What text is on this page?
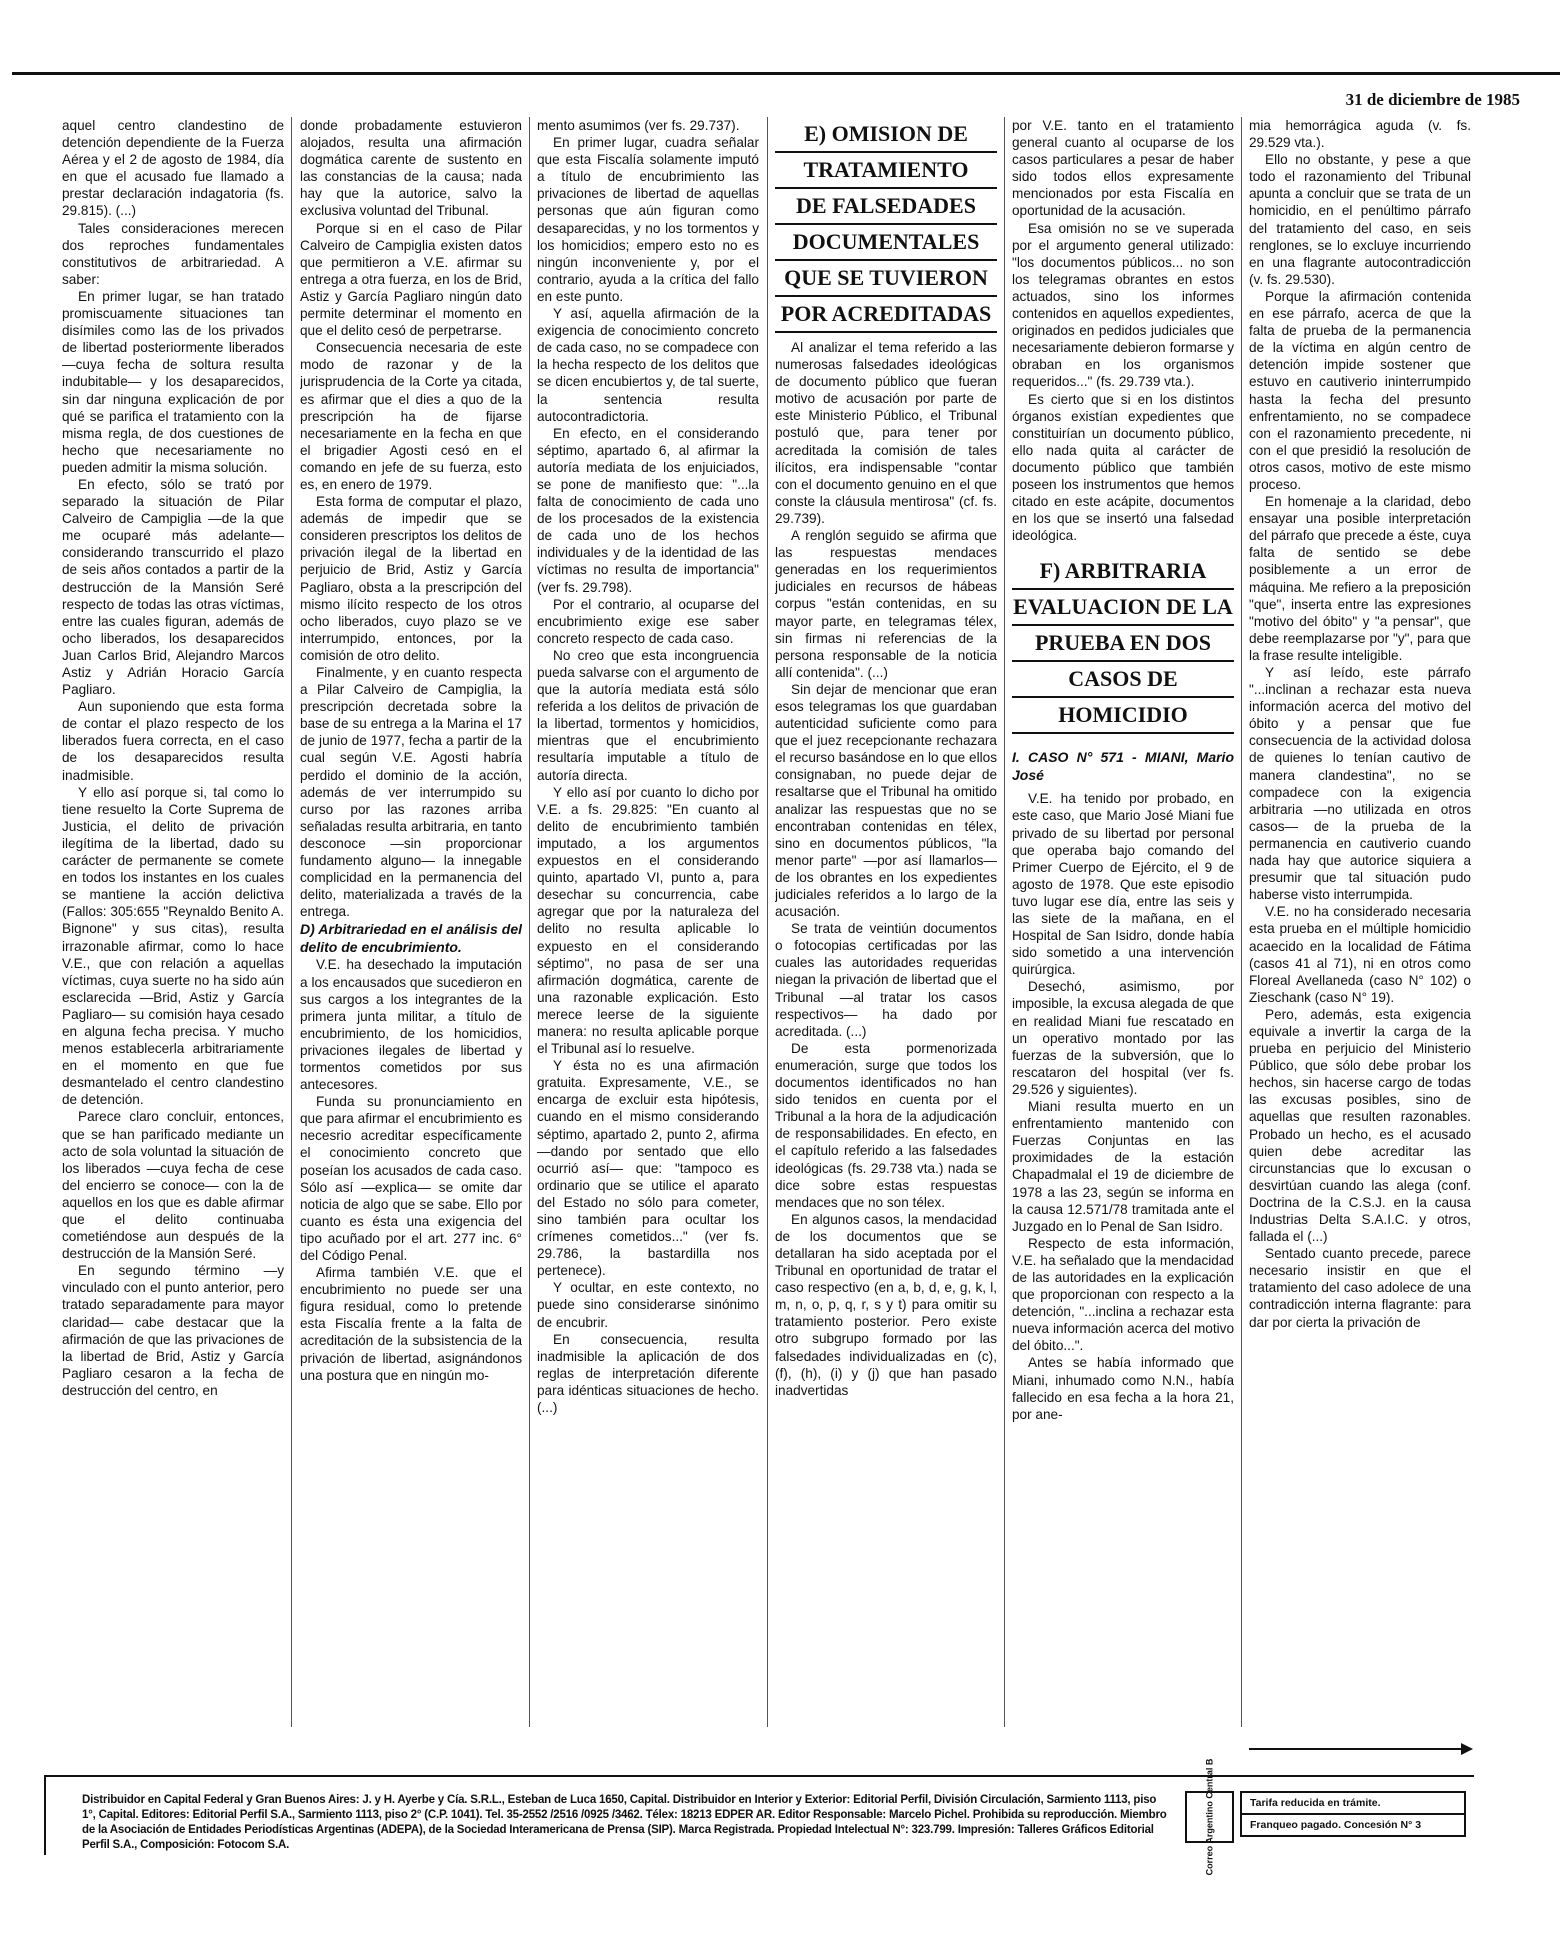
31 de diciembre de 1985

aquel centro clandestino de detención dependiente de la Fuerza Aérea y el 2 de agosto de 1984, día en que el acusado fue llamado a prestar declaración indagatoria (fs. 29.815). (...)

Tales consideraciones merecen dos reproches fundamentales constitutivos de arbitrariedad. A saber:

En primer lugar, se han tratado promiscuamente situaciones tan disímiles como las de los privados de libertad posteriormente liberados —cuya fecha de soltura resulta indubitable— y los desaparecidos, sin dar ninguna explicación de por qué se parifica el tratamiento con la misma regla, de dos cuestiones de hecho que necesariamente no pueden admitir la misma solución.

En efecto, sólo se trató por separado la situación de Pilar Calveiro de Campiglia —de la que me ocuparé más adelante— considerando transcurrido el plazo de seis años contados a partir de la destrucción de la Mansión Seré respecto de todas las otras víctimas, entre las cuales figuran, además de ocho liberados, los desaparecidos Juan Carlos Brid, Alejandro Marcos Astiz y Adrián Horacio García Pagliaro.

Aun suponiendo que esta forma de contar el plazo respecto de los liberados fuera correcta, en el caso de los desaparecidos resulta inadmisible.

Y ello así porque si, tal como lo tiene resuelto la Corte Suprema de Justicia, el delito de privación ilegítima de la libertad, dado su carácter de permanente se comete en todos los instantes en los cuales se mantiene la acción delictiva (Fallos: 305:655 "Reynaldo Benito A. Bignone" y sus citas), resulta irrazonable afirmar, como lo hace V.E., que con relación a aquellas víctimas, cuya suerte no ha sido aún esclarecida —Brid, Astiz y García Pagliaro— su comisión haya cesado en alguna fecha precisa. Y mucho menos establecerla arbitrariamente en el momento en que fue desmantelado el centro clandestino de detención.

Parece claro concluir, entonces, que se han parificado mediante un acto de sola voluntad la situación de los liberados —cuya fecha de cese del encierro se conoce— con la de aquellos en los que es dable afirmar que el delito continuaba cometiéndose aun después de la destrucción de la Mansión Seré.

En segundo término —y vinculado con el punto anterior, pero tratado separadamente para mayor claridad— cabe destacar que la afirmación de que las privaciones de la libertad de Brid, Astiz y García Pagliaro cesaron a la fecha de destrucción del centro, en

donde probadamente estuvieron alojados, resulta una afirmación dogmática carente de sustento en las constancias de la causa; nada hay que la autorice, salvo la exclusiva voluntad del Tribunal.

Porque si en el caso de Pilar Calveiro de Campiglia existen datos que permitieron a V.E. afirmar su entrega a otra fuerza, en los de Brid, Astiz y García Pagliaro ningún dato permite determinar el momento en que el delito cesó de perpetrarse.

Consecuencia necesaria de este modo de razonar y de la jurisprudencia de la Corte ya citada, es afirmar que el dies a quo de la prescripción ha de fijarse necesariamente en la fecha en que el brigadier Agosti cesó en el comando en jefe de su fuerza, esto es, en enero de 1979.

Esta forma de computar el plazo, además de impedir que se consideren prescriptos los delitos de privación ilegal de la libertad en perjuicio de Brid, Astiz y García Pagliaro, obsta a la prescripción del mismo ilícito respecto de los otros ocho liberados, cuyo plazo se ve interrumpido, entonces, por la comisión de otro delito.

Finalmente, y en cuanto respecta a Pilar Calveiro de Campiglia, la prescripción decretada sobre la base de su entrega a la Marina el 17 de junio de 1977, fecha a partir de la cual según V.E. Agosti habría perdido el dominio de la acción, además de ver interrumpido su curso por las razones arriba señaladas resulta arbitraria, en tanto desconoce —sin proporcionar fundamento alguno— la innegable complicidad en la permanencia del delito, materializada a través de la entrega.

D) Arbitrariedad en el análisis del delito de encubrimiento.

V.E. ha desechado la imputación a los encausados que sucedieron en sus cargos a los integrantes de la primera junta militar, a título de encubrimiento, de los homicidios, privaciones ilegales de libertad y tormentos cometidos por sus antecesores.

Funda su pronunciamiento en que para afirmar el encubrimiento es necesrio acreditar específicamente el conocimiento concreto que poseían los acusados de cada caso. Sólo así —explica— se omite dar noticia de algo que se sabe. Ello por cuanto es ésta una exigencia del tipo acuñado por el art. 277 inc. 6° del Código Penal.

Afirma también V.E. que el encubrimiento no puede ser una figura residual, como lo pretende esta Fiscalía frente a la falta de acreditación de la subsistencia de la privación de libertad, asignándonos una postura que en ningún mo-

mento asumimos (ver fs. 29.737).

En primer lugar, cuadra señalar que esta Fiscalía solamente imputó a título de encubrimiento las privaciones de libertad de aquellas personas que aún figuran como desaparecidas, y no los tormentos y los homicidios; empero esto no es ningún inconveniente y, por el contrario, ayuda a la crítica del fallo en este punto.

Y así, aquella afirmación de la exigencia de conocimiento concreto de cada caso, no se compadece con la hecha respecto de los delitos que se dicen encubiertos y, de tal suerte, la sentencia resulta autocontradictoria.

En efecto, en el considerando séptimo, apartado 6, al afirmar la autoría mediata de los enjuiciados, se pone de manifiesto que: "...la falta de conocimiento de cada uno de los procesados de la existencia de cada uno de los hechos individuales y de la identidad de las víctimas no resulta de importancia" (ver fs. 29.798).

Por el contrario, al ocuparse del encubrimiento exige ese saber concreto respecto de cada caso.

No creo que esta incongruencia pueda salvarse con el argumento de que la autoría mediata está sólo referida a los delitos de privación de la libertad, tormentos y homicidios, mientras que el encubrimiento resultaría imputable a título de autoría directa.

Y ello así por cuanto lo dicho por V.E. a fs. 29.825: "En cuanto al delito de encubrimiento también imputado, a los argumentos expuestos en el considerando quinto, apartado VI, punto a, para desechar su concurrencia, cabe agregar que por la naturaleza del delito no resulta aplicable lo expuesto en el considerando séptimo", no pasa de ser una afirmación dogmática, carente de una razonable explicación. Esto merece leerse de la siguiente manera: no resulta aplicable porque el Tribunal así lo resuelve.

Y ésta no es una afirmación gratuita. Expresamente, V.E., se encarga de excluir esta hipótesis, cuando en el mismo considerando séptimo, apartado 2, punto 2, afirma —dando por sentado que ello ocurrió así— que: "tampoco es ordinario que se utilice el aparato del Estado no sólo para cometer, sino también para ocultar los crímenes cometidos..." (ver fs. 29.786, la bastardilla nos pertenece).

Y ocultar, en este contexto, no puede sino considerarse sinónimo de encubrir.

En consecuencia, resulta inadmisible la aplicación de dos reglas de interpretación diferente para idénticas situaciones de hecho. (...)

E) OMISION DE
TRATAMIENTO
DE FALSEDADES
DOCUMENTALES
QUE SE TUVIERON
POR ACREDITADAS

Al analizar el tema referido a las numerosas falsedades ideológicas de documento público que fueran motivo de acusación por parte de este Ministerio Público, el Tribunal postuló que, para tener por acreditada la comisión de tales ilícitos, era indispensable "contar con el documento genuino en el que conste la cláusula mentirosa" (cf. fs. 29.739).

A renglón seguido se afirma que las respuestas mendaces generadas en los requerimientos judiciales en recursos de hábeas corpus "están contenidas, en su mayor parte, en telegramas télex, sin firmas ni referencias de la persona responsable de la noticia allí contenida". (...)

Sin dejar de mencionar que eran esos telegramas los que guardaban autenticidad suficiente como para que el juez recepcionante rechazara el recurso basándose en lo que ellos consignaban, no puede dejar de resaltarse que el Tribunal ha omitido analizar las respuestas que no se encontraban contenidas en télex, sino en documentos públicos, "la menor parte" —por así llamarlos— de los obrantes en los expedientes judiciales referidos a lo largo de la acusación.

Se trata de veintiún documentos o fotocopias certificadas por las cuales las autoridades requeridas niegan la privación de libertad que el Tribunal —al tratar los casos respectivos— ha dado por acreditada. (...)

De esta pormenorizada enumeración, surge que todos los documentos identificados no han sido tenidos en cuenta por el Tribunal a la hora de la adjudicación de responsabilidades. En efecto, en el capítulo referido a las falsedades ideológicas (fs. 29.738 vta.) nada se dice sobre estas respuestas mendaces que no son télex.

En algunos casos, la mendacidad de los documentos que se detallaran ha sido aceptada por el Tribunal en oportunidad de tratar el caso respectivo (en a, b, d, e, g, k, l, m, n, o, p, q, r, s y t) para omitir su tratamiento posterior. Pero existe otro subgrupo formado por las falsedades individualizadas en (c), (f), (h), (i) y (j) que han pasado inadvertidas

por V.E. tanto en el tratamiento general cuanto al ocuparse de los casos particulares a pesar de haber sido todos ellos expresamente mencionados por esta Fiscalía en oportunidad de la acusación.

Esa omisión no se ve superada por el argumento general utilizado: "los documentos públicos... no son los telegramas obrantes en estos actuados, sino los informes contenidos en aquellos expedientes, originados en pedidos judiciales que necesariamente debieron formarse y obraban en los organismos requeridos..." (fs. 29.739 vta.).

Es cierto que si en los distintos órganos existían expedientes que constituirían un documento público, ello nada quita al carácter de documento público que también poseen los instrumentos que hemos citado en este acápite, documentos en los que se insertó una falsedad ideológica.

F) ARBITRARIA
EVALUACION DE LA
PRUEBA EN DOS
CASOS DE
HOMICIDIO
I. CASO N° 571 - MIANI, Mario José

V.E. ha tenido por probado, en este caso, que Mario José Miani fue privado de su libertad por personal que operaba bajo comando del Primer Cuerpo de Ejército, el 9 de agosto de 1978. Que este episodio tuvo lugar ese día, entre las seis y las siete de la mañana, en el Hospital de San Isidro, donde había sido sometido a una intervención quirúrgica.

Desechó, asimismo, por imposible, la excusa alegada de que en realidad Miani fue rescatado en un operativo montado por las fuerzas de la subversión, que lo rescataron del hospital (ver fs. 29.526 y siguientes).

Miani resulta muerto en un enfrentamiento mantenido con Fuerzas Conjuntas en las proximidades de la estación Chapadmalal el 19 de diciembre de 1978 a las 23, según se informa en la causa 12.571/78 tramitada ante el Juzgado en lo Penal de San Isidro.

Respecto de esta información, V.E. ha señalado que la mendacidad de las autoridades en la explicación que proporcionan con respecto a la detención, "...inclina a rechazar esta nueva información acerca del motivo del óbito...".

Antes se había informado que Miani, inhumado como N.N., había fallecido en esa fecha a la hora 21, por ane-

mia hemorrágica aguda (v. fs. 29.529 vta.).

Ello no obstante, y pese a que todo el razonamiento del Tribunal apunta a concluir que se trata de un homicidio, en el penúltimo párrafo del tratamiento del caso, en seis renglones, se lo excluye incurriendo en una flagrante autocontradicción (v. fs. 29.530).

Porque la afirmación contenida en ese párrafo, acerca de que la falta de prueba de la permanencia de la víctima en algún centro de detención impide sostener que estuvo en cautiverio ininterrumpido hasta la fecha del presunto enfrentamiento, no se compadece con el razonamiento precedente, ni con el que presidió la resolución de otros casos, motivo de este mismo proceso.

En homenaje a la claridad, debo ensayar una posible interpretación del párrafo que precede a éste, cuya falta de sentido se debe posiblemente a un error de máquina. Me refiero a la preposición "que", inserta entre las expresiones "motivo del óbito" y "a pensar", que debe reemplazarse por "y", para que la frase resulte inteligible.

Y así leído, este párrafo "...inclinan a rechazar esta nueva información acerca del motivo del óbito y a pensar que fue consecuencia de la actividad dolosa de quienes lo tenían cautivo de manera clandestina", no se compadece con la exigencia arbitraria —no utilizada en otros casos— de la prueba de la permanencia en cautiverio cuando nada hay que autorice siquiera a presumir que tal situación pudo haberse visto interrumpida.

V.E. no ha considerado necesaria esta prueba en el múltiple homicidio acaecido en la localidad de Fátima (casos 41 al 71), ni en otros como Floreal Avellaneda (caso N° 102) o Zieschank (caso N° 19).

Pero, además, esta exigencia equivale a invertir la carga de la prueba en perjuicio del Ministerio Público, que sólo debe probar los hechos, sin hacerse cargo de todas las excusas posibles, sino de aquellas que resulten razonables. Probado un hecho, es el acusado quien debe acreditar las circunstancias que lo excusan o desvirtúan cuando las alega (conf. Doctrina de la C.S.J. en la causa Industrias Delta S.A.I.C. y otros, fallada el (...)

Sentado cuanto precede, parece necesario insistir en que el tratamiento del caso adolece de una contradicción interna flagrante: para dar por cierta la privación de

Distribuidor en Capital Federal y Gran Buenos Aires: J. y H. Ayerbe y Cía. S.R.L., Esteban de Luca 1650, Capital. Distribuidor en Interior y Exterior: Editorial Perfil, División Circulación, Sarmiento 1113, piso 1°, Capital. Editores: Editorial Perfil S.A., Sarmiento 1113, piso 2° (C.P. 1041). Tel. 35-2552 /2516 /0925 /3462. Télex: 18213 EDPER AR. Editor Responsable: Marcelo Pichel. Prohibida su reproducción. Miembro de la Asociación de Entidades Periodísticas Argentinas (ADEPA), de la Sociedad Interamericana de Prensa (SIP). Marca Registrada. Propiedad Intelectual N°: 323.799. Impresión: Talleres Gráficos Editorial Perfil S.A., Composición: Fotocom S.A.	Correo Argentino Central B	Tarifa reducida en trámite.
Franqueo pagado. Concesión N° 3
